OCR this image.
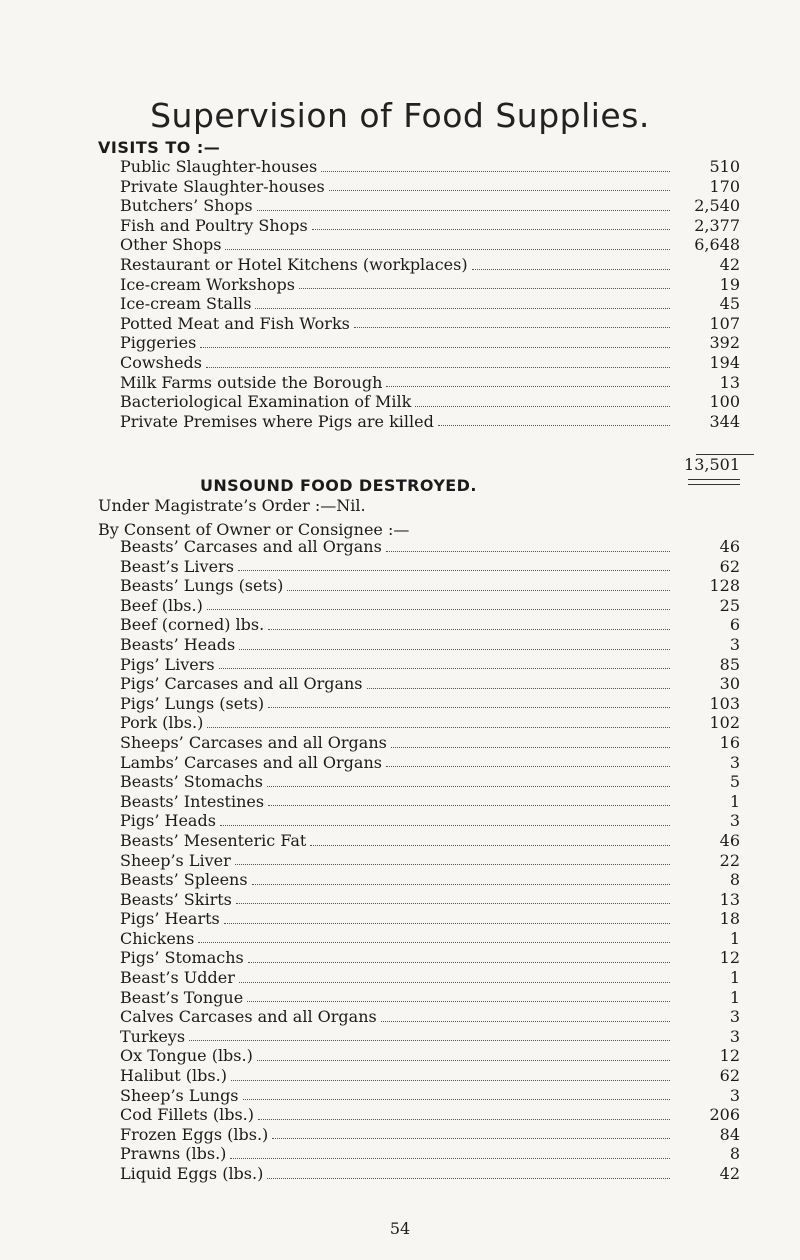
Supervision of Food Supplies.
VISITS TO :—
Public Slaughter-houses	510
Private Slaughter-houses	170
Butchers’ Shops	2,540
Fish and Poultry Shops	2,377
Other Shops	6,648
Restaurant or Hotel Kitchens (workplaces)	42
Ice-cream Workshops	19
Ice-cream Stalls	45
Potted Meat and Fish Works	107
Piggeries	392
Cowsheds	194
Milk Farms outside the Borough	13
Bacteriological Examination of Milk	100
Private Premises where Pigs are killed	344
13,501
UNSOUND FOOD DESTROYED.
Under Magistrate’s Order :—Nil.
By Consent of Owner or Consignee :—
Beasts’ Carcases and all Organs	46
Beast’s Livers	62
Beasts’ Lungs (sets)	128
Beef (lbs.)	25
Beef (corned) lbs.	6
Beasts’ Heads	3
Pigs’ Livers	85
Pigs’ Carcases and all Organs	30
Pigs’ Lungs (sets)	103
Pork (lbs.)	102
Sheeps’ Carcases and all Organs	16
Lambs’ Carcases and all Organs	3
Beasts’ Stomachs	5
Beasts’ Intestines	1
Pigs’ Heads	3
Beasts’ Mesenteric Fat	46
Sheep’s Liver	22
Beasts’ Spleens	8
Beasts’ Skirts	13
Pigs’ Hearts	18
Chickens	1
Pigs’ Stomachs	12
Beast’s Udder	1
Beast’s Tongue	1
Calves Carcases and all Organs	3
Turkeys	3
Ox Tongue (lbs.)	12
Halibut (lbs.)	62
Sheep’s Lungs	3
Cod Fillets (lbs.)	206
Frozen Eggs (lbs.)	84
Prawns (lbs.)	8
Liquid Eggs (lbs.)	42
54
